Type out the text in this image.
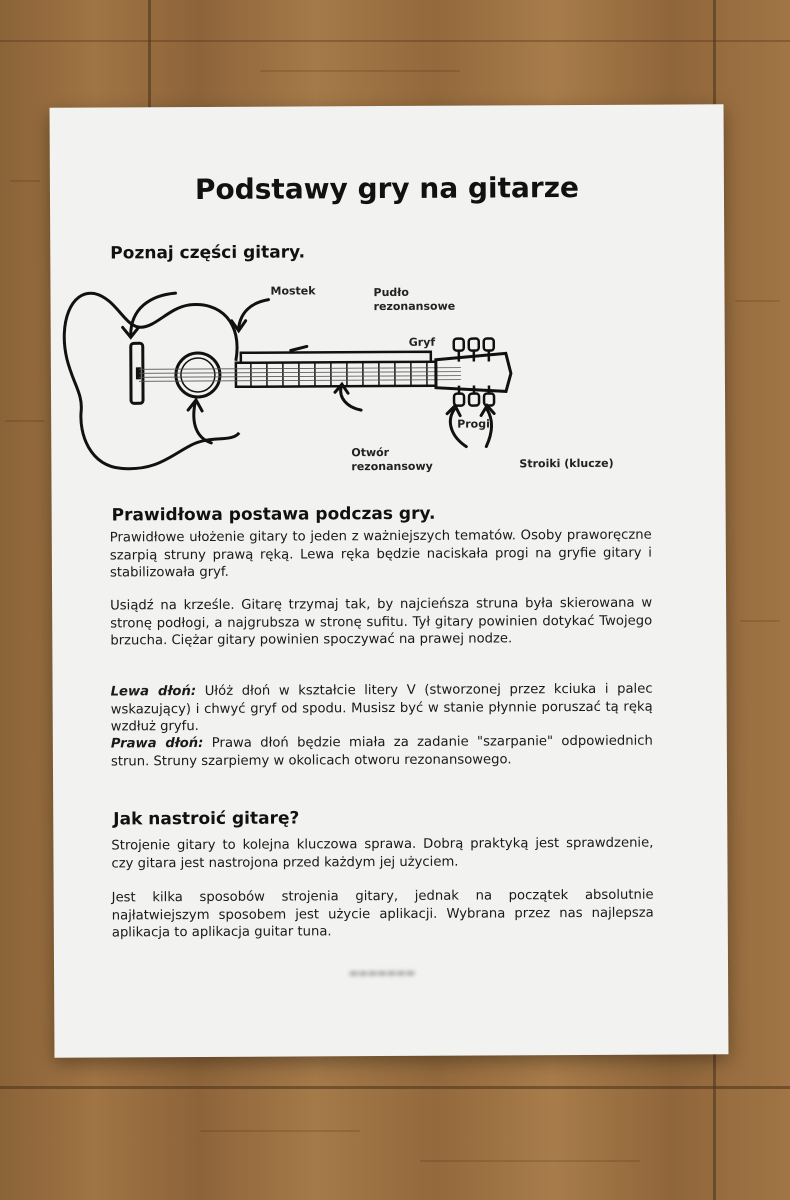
Podstawy gry na gitarze
Poznaj części gitary.
Mostek	Pudło
rezonansowe
Gryf
Progi
Otwór
rezonansowy	Stroiki (klucze)
Prawidłowa postawa podczas gry.
Prawidłowe ułożenie gitary to jeden z ważniejszych tematów. Osoby praworęczne szarpią struny prawą ręką. Lewa ręka będzie naciskała progi na gryfie gitary i stabilizowała gryf.
Usiądź na krześle. Gitarę trzymaj tak, by najcieńsza struna była skierowana w stronę podłogi, a najgrubsza w stronę sufitu. Tył gitary powinien dotykać Twojego brzucha. Ciężar gitary powinien spoczywać na prawej nodze.
Lewa dłoń: Ułóż dłoń w kształcie litery V (stworzonej przez kciuka i palec wskazujący) i chwyć gryf od spodu. Musisz być w stanie płynnie poruszać tą ręką wzdłuż gryfu.
Prawa dłoń: Prawa dłoń będzie miała za zadanie "szarpanie" odpowiednich strun. Struny szarpiemy w okolicach otworu rezonansowego.
Jak nastroić gitarę?
Strojenie gitary to kolejna kluczowa sprawa. Dobrą praktyką jest sprawdzenie, czy gitara jest nastrojona przed każdym jej użyciem.
Jest kilka sposobów strojenia gitary, jednak na początek absolutnie najłatwiejszym sposobem jest użycie aplikacji. Wybrana przez nas najlepsza aplikacja to aplikacja guitar tuna.
▬▬▬▬▬▬▬
